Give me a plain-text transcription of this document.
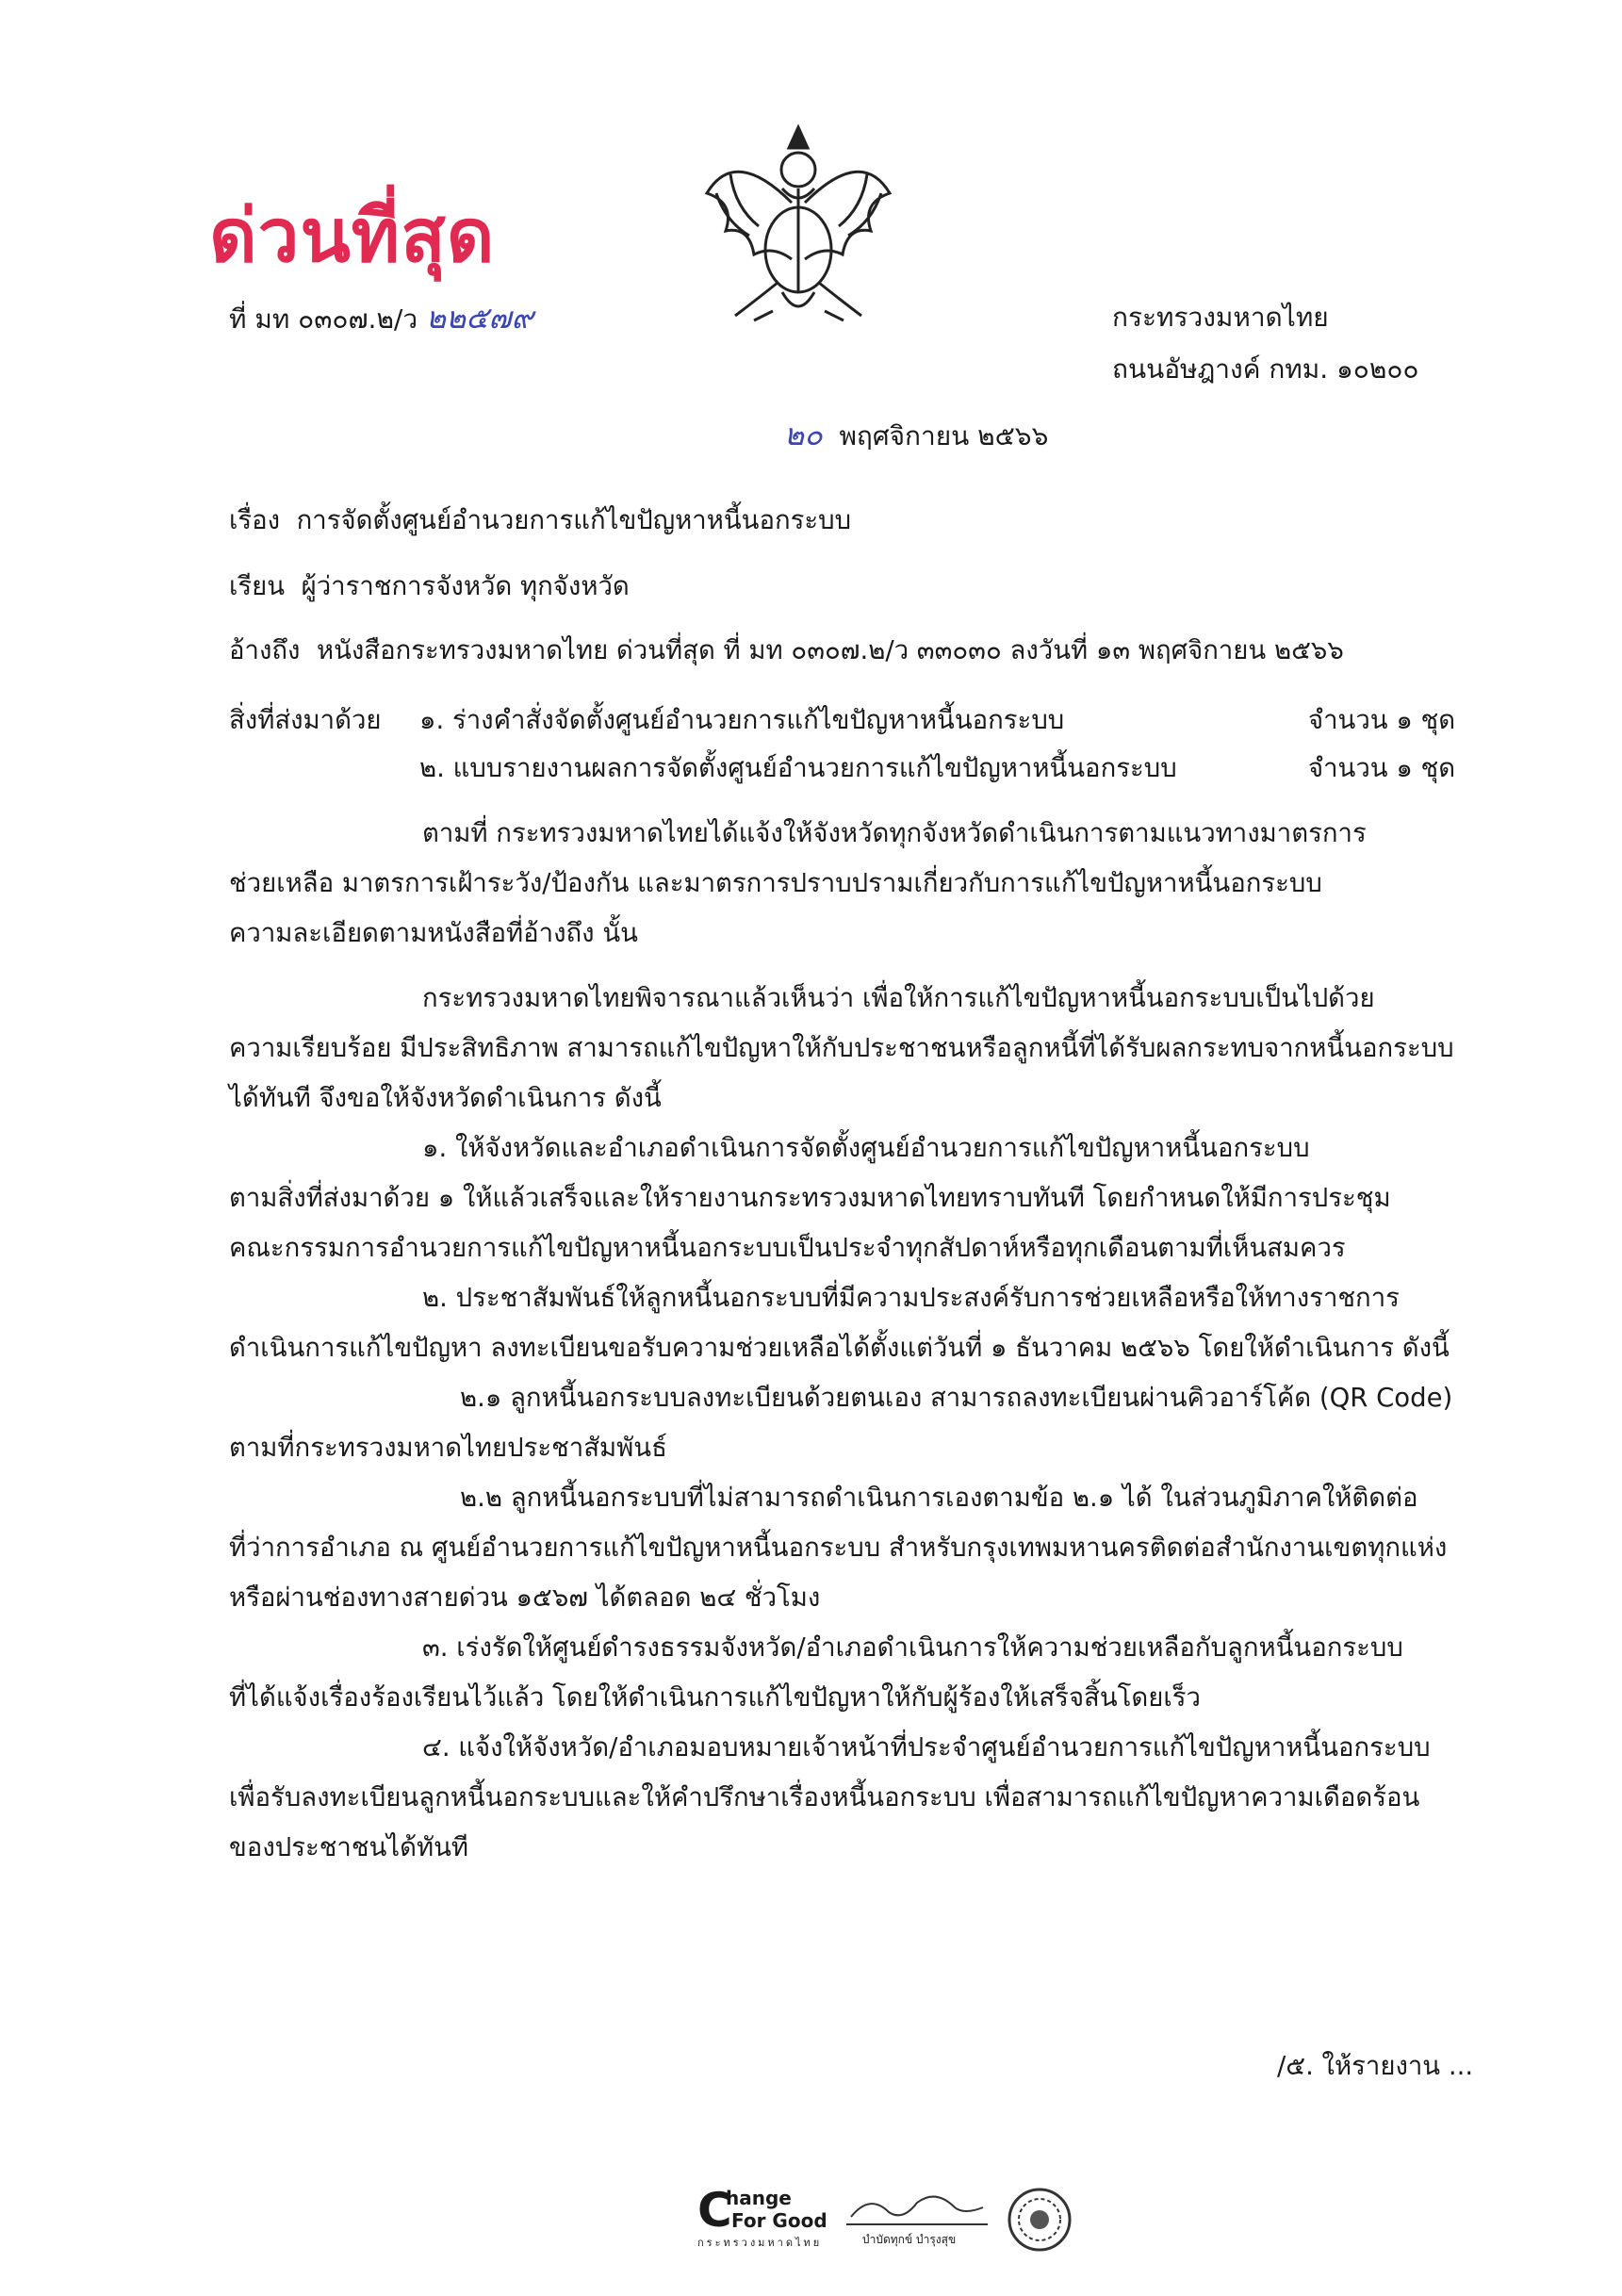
ด่วนที่สุด
ที่ มท ๐๓๐๗.๒/ว ๒๒๕๗๙	กระทรวงมหาดไทย
ถนนอัษฎางค์ กทม. ๑๐๒๐๐
๒๐ พฤศจิกายน ๒๕๖๖
เรื่อง การจัดตั้งศูนย์อำนวยการแก้ไขปัญหาหนี้นอกระบบ
เรียน ผู้ว่าราชการจังหวัด ทุกจังหวัด
อ้างถึง หนังสือกระทรวงมหาดไทย ด่วนที่สุด ที่ มท ๐๓๐๗.๒/ว ๓๓๐๓๐ ลงวันที่ ๑๓ พฤศจิกายน ๒๕๖๖
สิ่งที่ส่งมาด้วย ๑. ร่างคำสั่งจัดตั้งศูนย์อำนวยการแก้ไขปัญหาหนี้นอกระบบ	จำนวน ๑ ชุด
๒. แบบรายงานผลการจัดตั้งศูนย์อำนวยการแก้ไขปัญหาหนี้นอกระบบ	จำนวน ๑ ชุด
ตามที่ กระทรวงมหาดไทยได้แจ้งให้จังหวัดทุกจังหวัดดำเนินการตามแนวทางมาตรการ
ช่วยเหลือ มาตรการเฝ้าระวัง/ป้องกัน และมาตรการปราบปรามเกี่ยวกับการแก้ไขปัญหาหนี้นอกระบบ
ความละเอียดตามหนังสือที่อ้างถึง นั้น
กระทรวงมหาดไทยพิจารณาแล้วเห็นว่า เพื่อให้การแก้ไขปัญหาหนี้นอกระบบเป็นไปด้วย
ความเรียบร้อย มีประสิทธิภาพ สามารถแก้ไขปัญหาให้กับประชาชนหรือลูกหนี้ที่ได้รับผลกระทบจากหนี้นอกระบบ
ได้ทันที จึงขอให้จังหวัดดำเนินการ ดังนี้
๑. ให้จังหวัดและอำเภอดำเนินการจัดตั้งศูนย์อำนวยการแก้ไขปัญหาหนี้นอกระบบ
ตามสิ่งที่ส่งมาด้วย ๑ ให้แล้วเสร็จและให้รายงานกระทรวงมหาดไทยทราบทันที โดยกำหนดให้มีการประชุม
คณะกรรมการอำนวยการแก้ไขปัญหาหนี้นอกระบบเป็นประจำทุกสัปดาห์หรือทุกเดือนตามที่เห็นสมควร
๒. ประชาสัมพันธ์ให้ลูกหนี้นอกระบบที่มีความประสงค์รับการช่วยเหลือหรือให้ทางราชการ
ดำเนินการแก้ไขปัญหา ลงทะเบียนขอรับความช่วยเหลือได้ตั้งแต่วันที่ ๑ ธันวาคม ๒๕๖๖ โดยให้ดำเนินการ ดังนี้
๒.๑ ลูกหนี้นอกระบบลงทะเบียนด้วยตนเอง สามารถลงทะเบียนผ่านคิวอาร์โค้ด (QR Code)
ตามที่กระทรวงมหาดไทยประชาสัมพันธ์
๒.๒ ลูกหนี้นอกระบบที่ไม่สามารถดำเนินการเองตามข้อ ๒.๑ ได้ ในส่วนภูมิภาคให้ติดต่อ
ที่ว่าการอำเภอ ณ ศูนย์อำนวยการแก้ไขปัญหาหนี้นอกระบบ สำหรับกรุงเทพมหานครติดต่อสำนักงานเขตทุกแห่ง
หรือผ่านช่องทางสายด่วน ๑๕๖๗ ได้ตลอด ๒๔ ชั่วโมง
๓. เร่งรัดให้ศูนย์ดำรงธรรมจังหวัด/อำเภอดำเนินการให้ความช่วยเหลือกับลูกหนี้นอกระบบ
ที่ได้แจ้งเรื่องร้องเรียนไว้แล้ว โดยให้ดำเนินการแก้ไขปัญหาให้กับผู้ร้องให้เสร็จสิ้นโดยเร็ว
๔. แจ้งให้จังหวัด/อำเภอมอบหมายเจ้าหน้าที่ประจำศูนย์อำนวยการแก้ไขปัญหาหนี้นอกระบบ
เพื่อรับลงทะเบียนลูกหนี้นอกระบบและให้คำปรึกษาเรื่องหนี้นอกระบบ เพื่อสามารถแก้ไขปัญหาความเดือดร้อน
ของประชาชนได้ทันที
/๕. ให้รายงาน ...
C
hange
For Good
กระทรวงมหาดไทย	บำบัดทุกข์ บำรุงสุข
